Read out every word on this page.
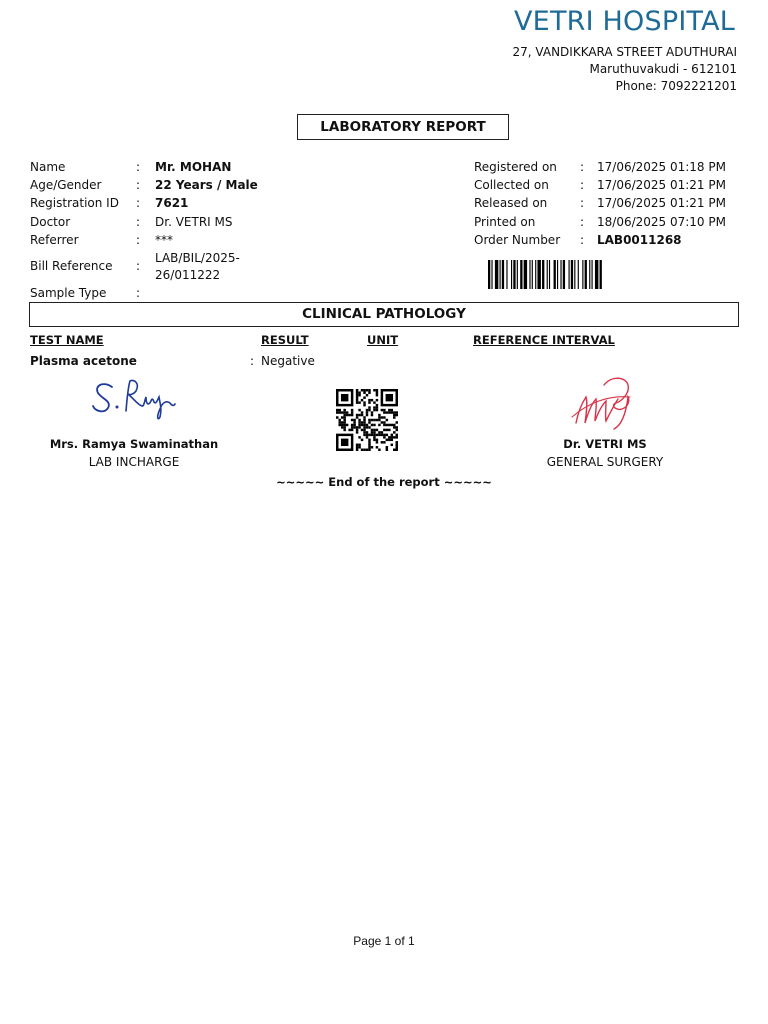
VETRI HOSPITAL
27, VANDIKKARA STREET ADUTHURAI
Maruthuvakudi - 612101
Phone: 7092221201
LABORATORY REPORT
Name	: Mr. MOHAN
Age/Gender	: 22 Years / Male
Registration ID : 7621
Doctor	: Dr. VETRI MS
Referrer	: ***
Bill Reference :
LAB/BIL/2025-
26/011222
Sample Type :
Registered on : 17/06/2025 01:18 PM
Collected on	: 17/06/2025 01:21 PM
Released on	: 17/06/2025 01:21 PM
Printed on	: 18/06/2025 07:10 PM
Order Number : LAB0011268
CLINICAL PATHOLOGY
TEST NAME	RESULT	UNIT	REFERENCE INTERVAL
Plasma acetone	: Negative
Mrs. Ramya Swaminathan
LAB INCHARGE
Dr. VETRI MS
GENERAL SURGERY
~~~~~ End of the report ~~~~~
Page 1 of 1
